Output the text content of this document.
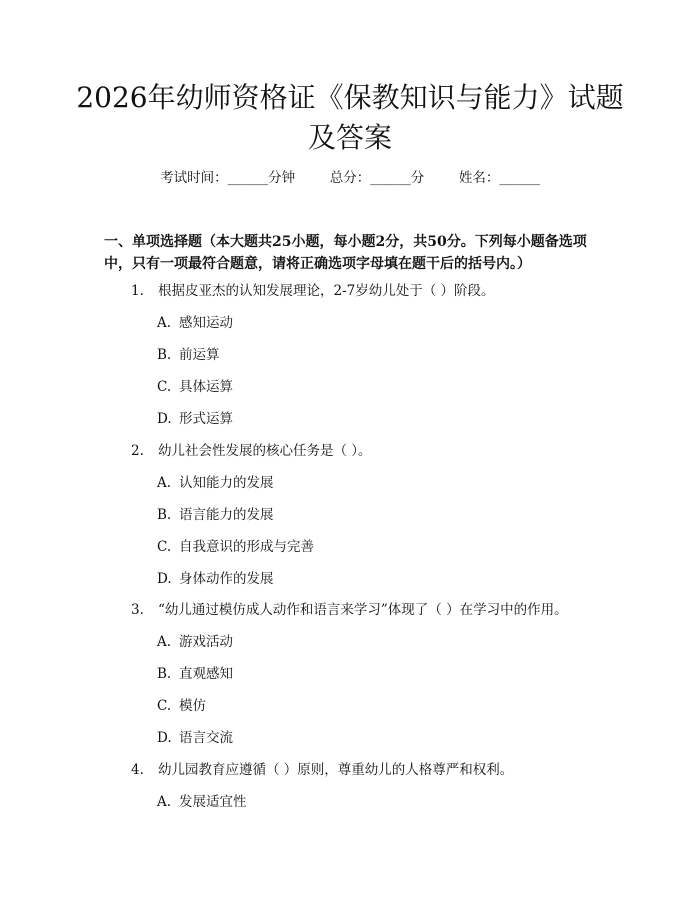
2026年幼师资格证《保教知识与能力》试题
及答案
考试时间：______分钟	总分：______分	姓名：______

一、单项选择题（本大题共25小题，每小题2分，共50分。下列每小题备选项中，只有一项最符合题意，请将正确选项字母填在题干后的括号内。）

1. 根据皮亚杰的认知发展理论，2-7岁幼儿处于（ ）阶段。
A. 感知运动
B. 前运算
C. 具体运算
D. 形式运算
2. 幼儿社会性发展的核心任务是（ ）。
A. 认知能力的发展
B. 语言能力的发展
C. 自我意识的形成与完善
D. 身体动作的发展
3. “幼儿通过模仿成人动作和语言来学习”体现了（ ）在学习中的作用。
A. 游戏活动
B. 直观感知
C. 模仿
D. 语言交流
4. 幼儿园教育应遵循（ ）原则，尊重幼儿的人格尊严和权利。
A. 发展适宜性
